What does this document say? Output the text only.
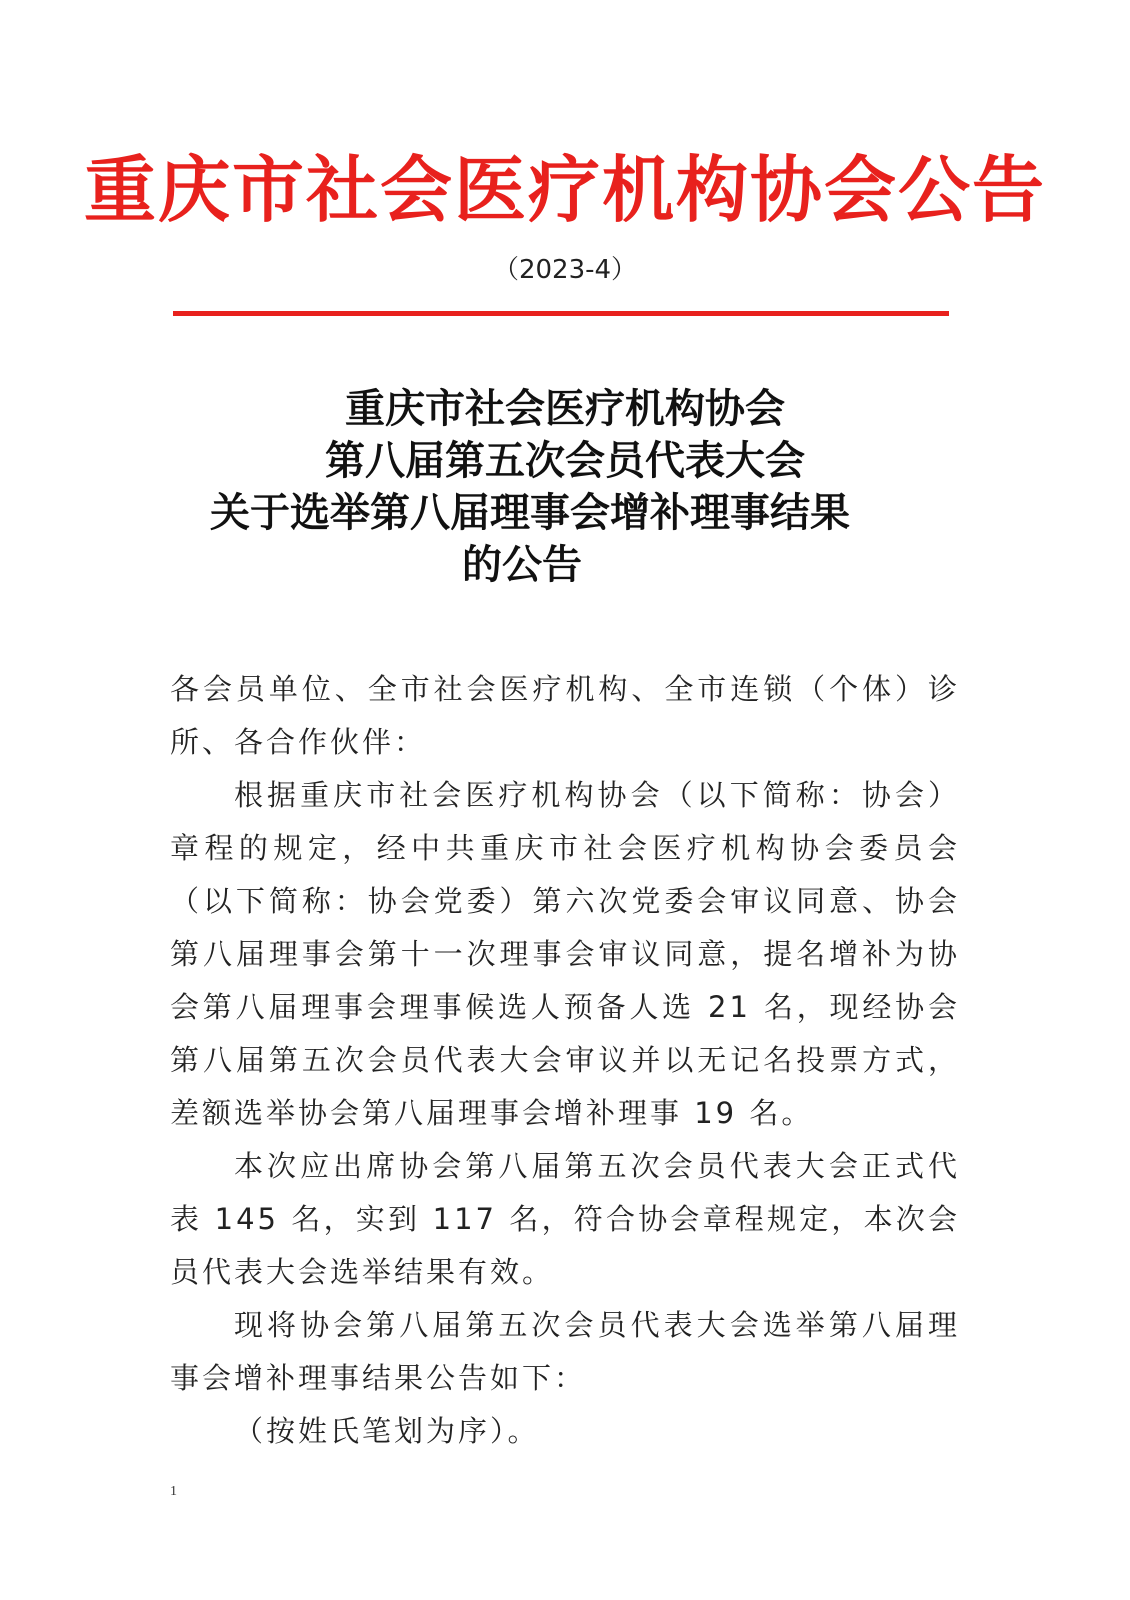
重庆市社会医疗机构协会公告
（2023-4）
重庆市社会医疗机构协会
第八届第五次会员代表大会
关于选举第八届理事会增补理事结果
的公告

各会员单位、全市社会医疗机构、全市连锁（个体）诊所、各合作伙伴：

根据重庆市社会医疗机构协会（以下简称：协会）章程的规定，经中共重庆市社会医疗机构协会委员会（以下简称：协会党委）第六次党委会审议同意、协会第八届理事会第十一次理事会审议同意，提名增补为协会第八届理事会理事候选人预备人选 21 名，现经协会第八届第五次会员代表大会审议并以无记名投票方式，差额选举协会第八届理事会增补理事 19 名。

本次应出席协会第八届第五次会员代表大会正式代表 145 名，实到 117 名，符合协会章程规定，本次会员代表大会选举结果有效。

现将协会第八届第五次会员代表大会选举第八届理事会增补理事结果公告如下：

（按姓氏笔划为序）。

1
